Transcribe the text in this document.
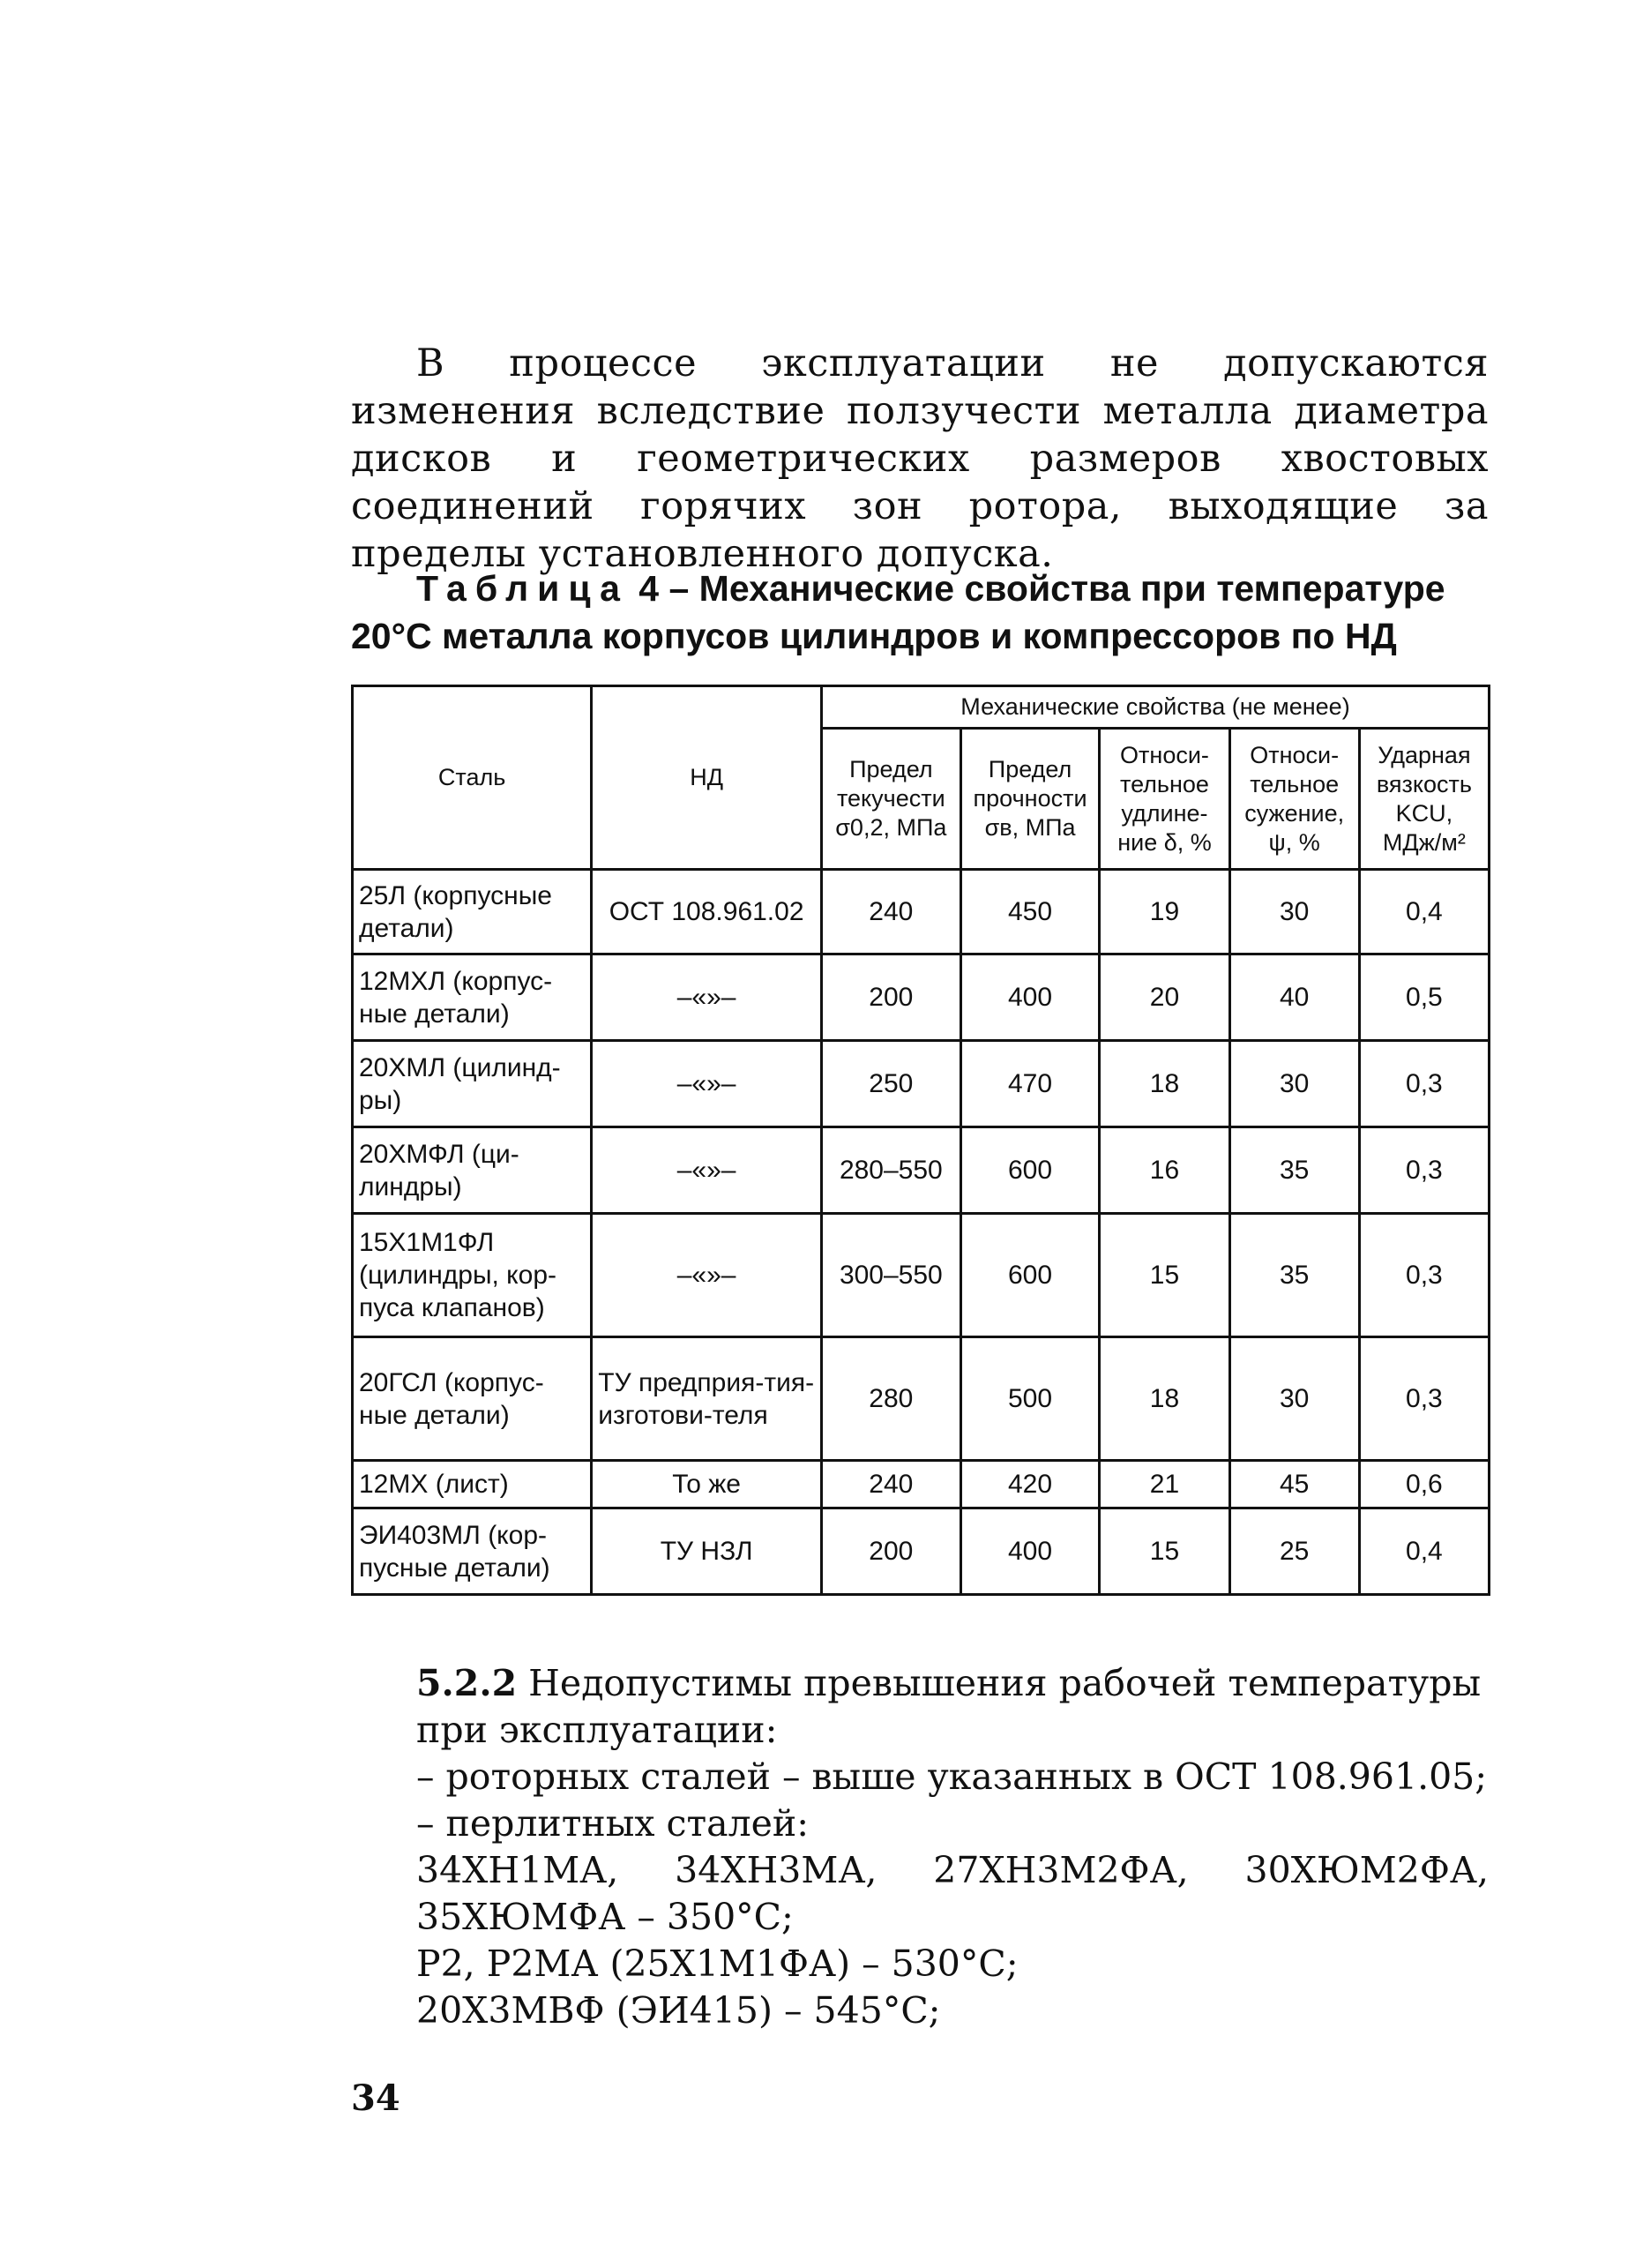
В процессе эксплуатации не допускаются изменения вследствие ползучести металла диаметра дисков и геометрических размеров хвостовых соединений горячих зон ротора, выходящие за пределы установленного допуска.

Таблица 4 – Механические свойства при температуре 20°С металла корпусов цилиндров и компрессоров по НД
Сталь	НД	Механические свойства (не менее)				
		Предел текучести σ0,2, МПа	Предел прочности σв, МПа	Относи-тельное удлине-ние δ, %	Относи-тельное сужение, ψ, %	Ударная вязкость KCU, МДж/м²
25Л (корпусные детали)	ОСТ 108.961.02	240	450	19	30	0,4
12МХЛ (корпус-ные детали)	–«»–	200	400	20	40	0,5
20ХМЛ (цилинд-ры)	–«»–	250	470	18	30	0,3
20ХМФЛ (ци-линдры)	–«»–	280–550	600	16	35	0,3
15Х1М1ФЛ (цилиндры, кор-пуса клапанов)	–«»–	300–550	600	15	35	0,3
20ГСЛ (корпус-ные детали)	ТУ предприя-тия-изготови-теля	280	500	18	30	0,3
12МХ (лист)	То же	240	420	21	45	0,6
ЭИ403МЛ (кор-пусные детали)	ТУ НЗЛ	200	400	15	25	0,4

5.2.2 Недопустимы превышения рабочей температуры при эксплуатации:

– роторных сталей – выше указанных в ОСТ 108.961.05;

– перлитных сталей:

34ХН1МА, 34ХН3МА, 27ХН3М2ФА, 30ХЮМ2ФА, 35ХЮМФА – 350°С;

Р2, Р2МА (25Х1М1ФА) – 530°С;

20Х3МВФ (ЭИ415) – 545°С;

34
